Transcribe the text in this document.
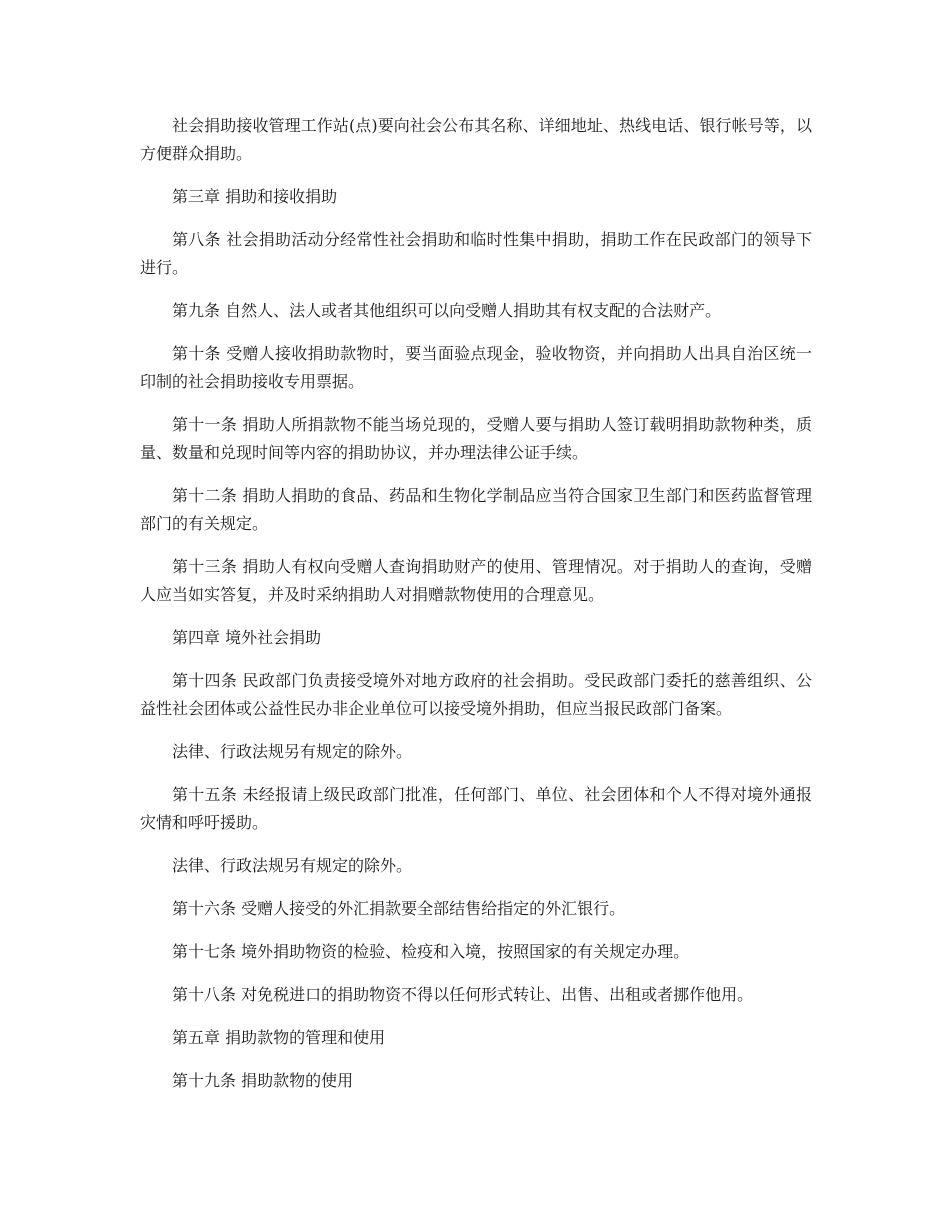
社会捐助接收管理工作站(点)要向社会公布其名称、详细地址、热线电话、银行帐号等，以方便群众捐助。

第三章 捐助和接收捐助

第八条 社会捐助活动分经常性社会捐助和临时性集中捐助，捐助工作在民政部门的领导下进行。

第九条 自然人、法人或者其他组织可以向受赠人捐助其有权支配的合法财产。

第十条 受赠人接收捐助款物时，要当面验点现金，验收物资，并向捐助人出具自治区统一印制的社会捐助接收专用票据。

第十一条 捐助人所捐款物不能当场兑现的，受赠人要与捐助人签订载明捐助款物种类，质量、数量和兑现时间等内容的捐助协议，并办理法律公证手续。

第十二条 捐助人捐助的食品、药品和生物化学制品应当符合国家卫生部门和医药监督管理部门的有关规定。

第十三条 捐助人有权向受赠人查询捐助财产的使用、管理情况。对于捐助人的查询，受赠人应当如实答复，并及时采纳捐助人对捐赠款物使用的合理意见。

第四章 境外社会捐助

第十四条 民政部门负责接受境外对地方政府的社会捐助。受民政部门委托的慈善组织、公益性社会团体或公益性民办非企业单位可以接受境外捐助，但应当报民政部门备案。

法律、行政法规另有规定的除外。

第十五条 未经报请上级民政部门批准，任何部门、单位、社会团体和个人不得对境外通报灾情和呼吁援助。

法律、行政法规另有规定的除外。

第十六条 受赠人接受的外汇捐款要全部结售给指定的外汇银行。

第十七条 境外捐助物资的检验、检疫和入境，按照国家的有关规定办理。

第十八条 对免税进口的捐助物资不得以任何形式转让、出售、出租或者挪作他用。

第五章 捐助款物的管理和使用

第十九条 捐助款物的使用
